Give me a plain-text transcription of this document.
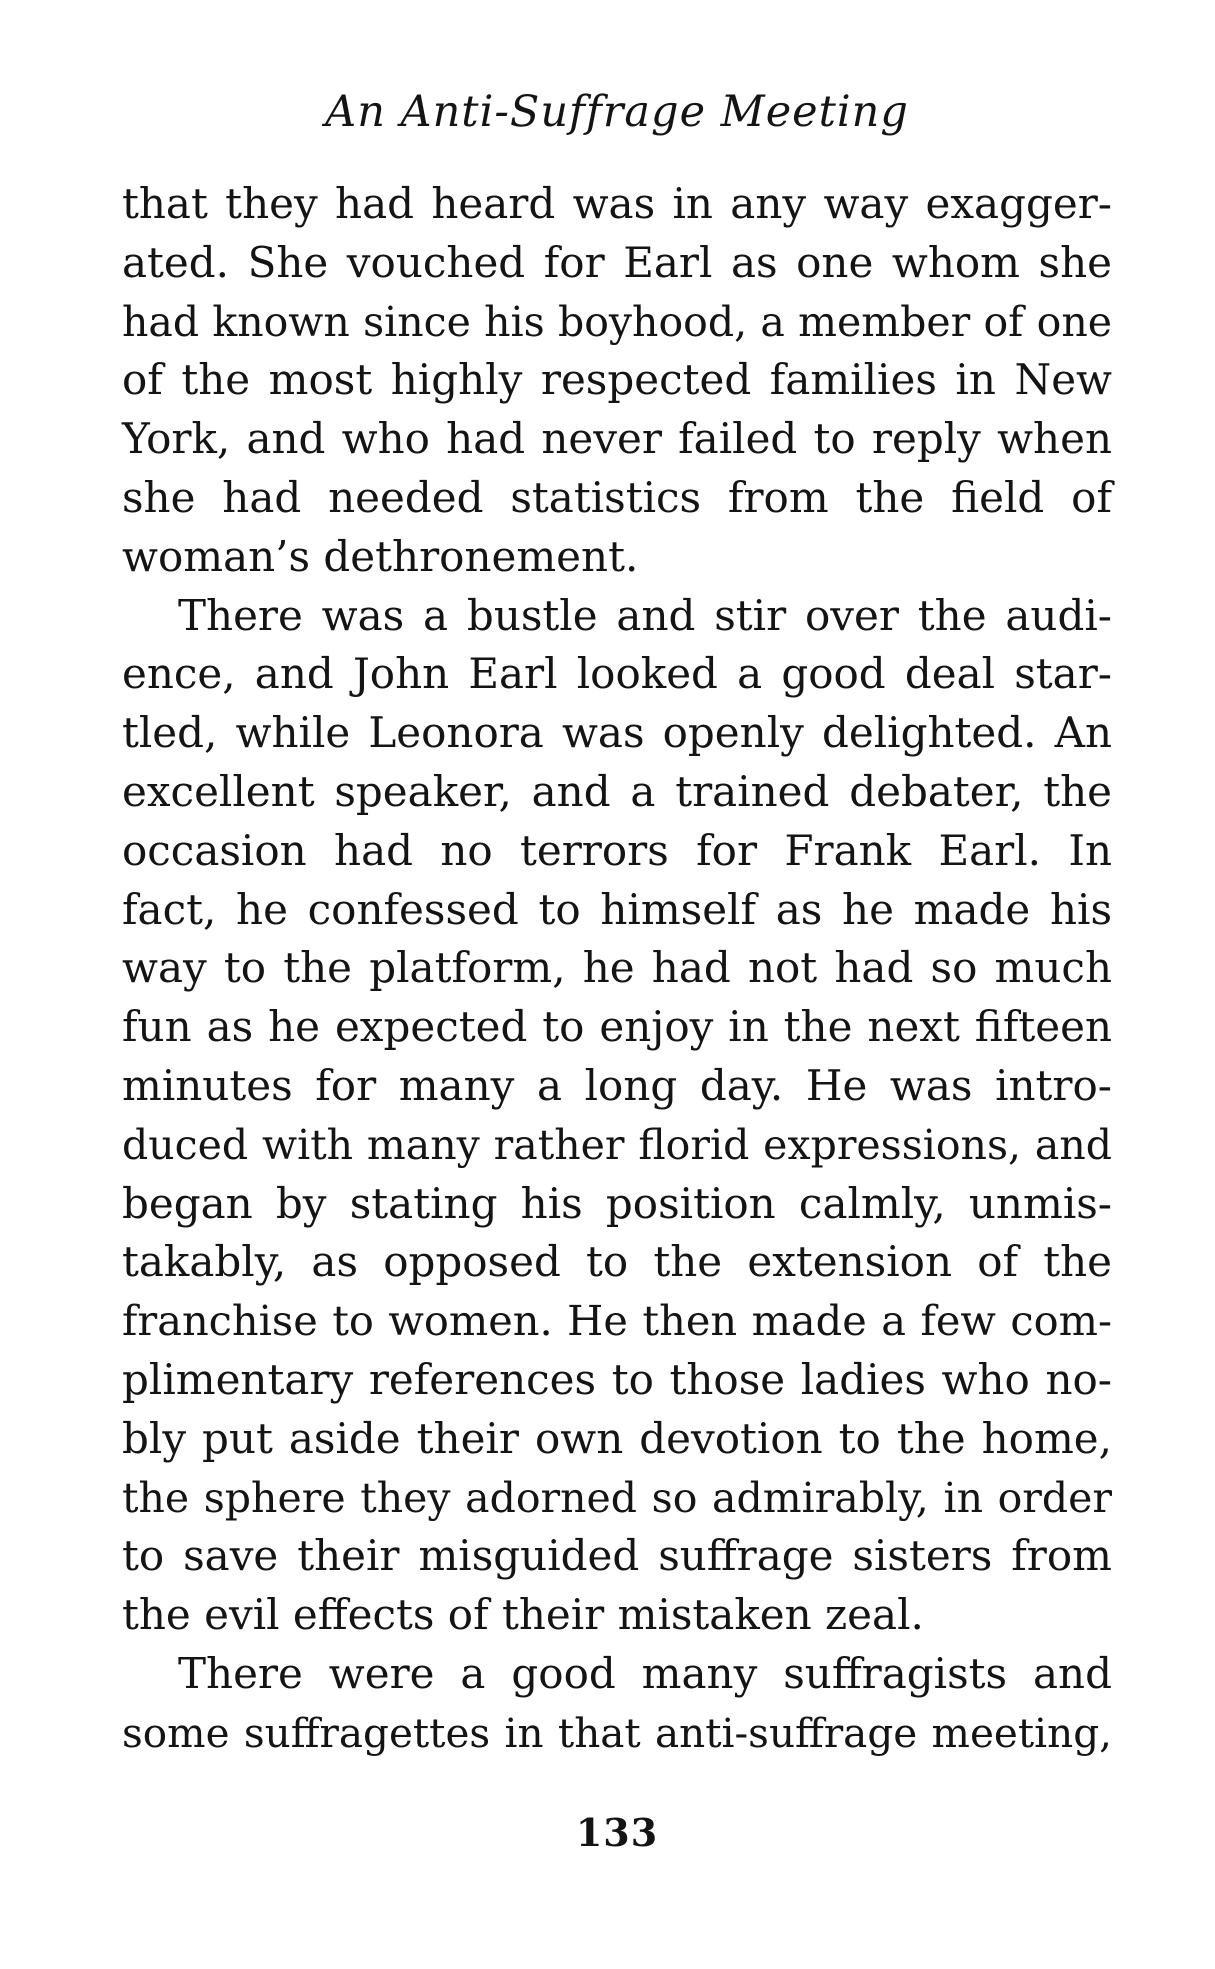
An Anti-Suffrage Meeting
that they had heard was in any way exagger-
ated. She vouched for Earl as one whom she
had known since his boyhood, a member of one
of the most highly respected families in New
York, and who had never failed to reply when
she had needed statistics from the field of
woman’s dethronement.
There was a bustle and stir over the audi-
ence, and John Earl looked a good deal star-
tled, while Leonora was openly delighted. An
excellent speaker, and a trained debater, the
occasion had no terrors for Frank Earl. In
fact, he confessed to himself as he made his
way to the platform, he had not had so much
fun as he expected to enjoy in the next fifteen
minutes for many a long day. He was intro-
duced with many rather florid expressions, and
began by stating his position calmly, unmis-
takably, as opposed to the extension of the
franchise to women. He then made a few com-
plimentary references to those ladies who no-
bly put aside their own devotion to the home,
the sphere they adorned so admirably, in order
to save their misguided suffrage sisters from
the evil effects of their mistaken zeal.
There were a good many suffragists and
some suffragettes in that anti-suffrage meeting,
133
